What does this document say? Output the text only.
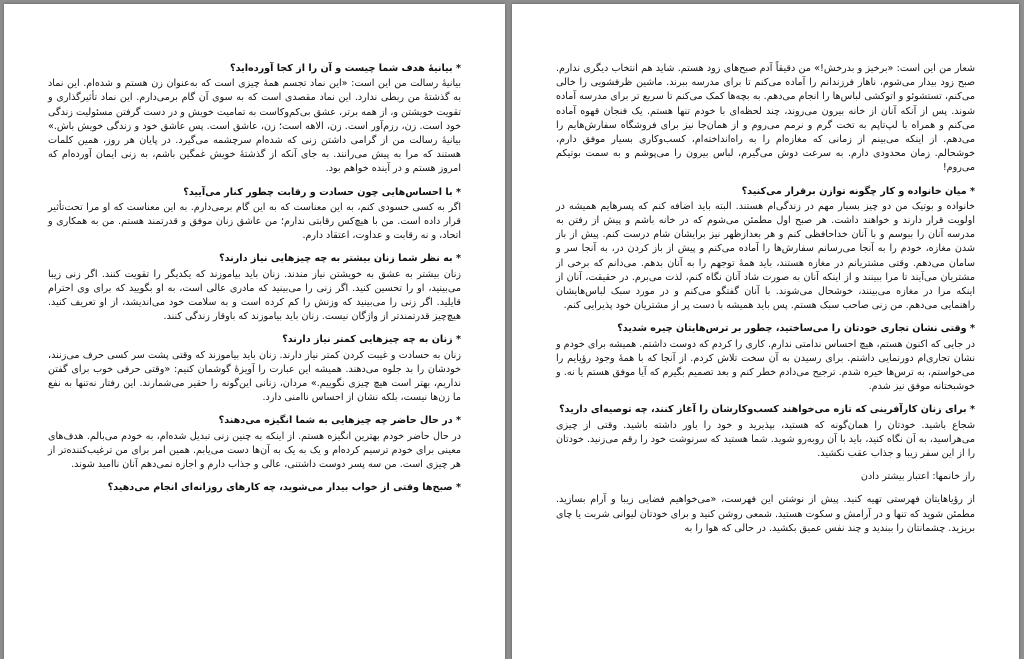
* بیانیۀ هدف شما چیست و آن را از کجا آورده‌اید؟

بیانیۀ رسالت من این است: «این نماد تجسم همۀ چیزی است که به‌عنوان زن هستم و شده‌ام. این نماد به گذشتۀ من ربطی ندارد. این نماد مقصدی است که به سوی آن گام برمی‌دارم. این نماد تأثیرگذاری و تقویت خویشتن و، از همه برتر، عشق بی‌کم‌وکاست به تمامیت خویش و در دست گرفتن مسئولیت زندگی خود است. زن، رزم‌آور است. زن، الاهه است؛ زن، عاشق است. پس عاشق خود و زندگی خویش باش.» بیانیۀ رسالت من از گرامی داشتن زنی که شده‌ام سرچشمه می‌گیرد. در پایان هر روز، همین کلمات هستند که مرا به پیش می‌رانند. به جای آنکه از گذشتۀ خویش غمگین باشم، به زنی ایمان آورده‌ام که امروز هستم و در آینده خواهم بود.

* با احساس‌هایی چون حسادت و رقابت چطور کنار می‌آیید؟

اگر به کسی حسودی کنم، به این معناست که به این گام برمی‌دارم. به این معناست که او مرا تحت‌تأثیر قرار داده است. من با هیچ‌کس رقابتی ندارم؛ من عاشق زنان موفق و قدرتمند هستم. من به همکاری و اتحاد، و نه رقابت و عداوت، اعتقاد دارم.

* به نظر شما زنان بیشتر به چه چیزهایی نیاز دارند؟

زنان بیشتر به عشق به خویشتن نیاز مندند. زنان باید بیاموزند که یکدیگر را تقویت کنند. اگر زنی زیبا می‌بینید، او را تحسین کنید. اگر زنی را می‌بینید که مادری عالی است، به او بگویید که برای وی احترام قایلید. اگر زنی را می‌بینید که وزنش را کم کرده است و به سلامت خود می‌اندیشد، از او تعریف کنید. هیچ‌چیز قدرتمندتر از واژگان نیست. زنان باید بیاموزند که باوقار زندگی کنند.

* زنان به چه چیزهایی کمتر نیاز دارند؟

زنان به حسادت و غیبت کردن کمتر نیاز دارند. زنان باید بیاموزند که وقتی پشت سر کسی حرف می‌زنند، خودشان را بد جلوه می‌دهند. همیشه این عبارت را آویزۀ گوشمان کنیم: «وقتی حرفی خوب برای گفتن نداریم، بهتر است هیچ چیزی نگوییم.» مردان، زنانی این‌گونه را حقیر می‌شمارند. این رفتار نه‌تنها به نفع ما زن‌ها نیست، بلکه نشان از احساس ناامنی دارد.

* در حال حاضر چه چیزهایی به شما انگیزه می‌دهند؟

در حال حاضر خودم بهترین انگیزه هستم. از اینکه به چنین زنی تبدیل شده‌ام، به خودم می‌بالم. هدف‌های معینی برای خودم ترسیم کرده‌ام و یک به یک به آن‌ها دست می‌یابم. همین امر برای من ترغیب‌کننده‌تر از هر چیزی است. من سه پسر دوست داشتنی، عالی و جذاب دارم و اجازه نمی‌دهم آنان ناامید شوند.

* صبح‌ها وقتی از خواب بیدار می‌شوید، چه کارهای روزانه‌ای انجام می‌دهید؟

شعار من این است: «برخیز و بدرخش!» من دقیقاً آدم صبح‌های زود هستم. شاید هم انتخاب دیگری ندارم. صبح زود بیدار می‌شوم، ناهار فرزندانم را آماده می‌کنم تا برای مدرسه ببرند. ماشین ظرفشویی را خالی می‌کنم، تستشوئو و اتوکشی لباس‌ها را انجام می‌دهم. به بچه‌ها کمک می‌کنم تا سریع تر برای مدرسه آماده شوند. پس از آنکه آنان از خانه بیرون می‌روند، چند لحظه‌ای با خودم تنها هستم. یک فنجان قهوه آماده می‌کنم و همراه با لپ‌تاپم به تخت گرم و نرمم می‌روم و از همان‌جا نیز برای فروشگاه سفارش‌هایم را می‌دهم. از اینکه می‌بینم از زمانی که مغازه‌ام را به راه‌انداخته‌ام، کسب‌وکاری بسیار موفق دارم، خوشحالم. زمان محدودی دارم. به سرعت دوش می‌گیرم، لباس بیرون را می‌پوشم و به سمت بوتیکم می‌روم!

* میان خانواده و کار چگونه توازن برقرار می‌کنید؟

خانواده و بوتیک من دو چیز بسیار مهم در زندگی‌ام هستند. البته باید اضافه کنم که پسرهایم همیشه در اولویت قرار دارند و خواهند داشت. هر صبح اول مطمئن می‌شوم که در خانه باشم و پیش از رفتن به مدرسه آنان را ببوسم و با آنان خداحافظی کنم و هر بعدازظهر نیز برایشان شام درست کنم. پیش از باز شدن مغازه، خودم را به آنجا می‌رسانم سفارش‌ها را آماده می‌کنم و پیش از باز کردن در، به آنجا سر و سامان می‌دهم. وقتی مشتریانم در مغازه هستند، باید همۀ توجهم را به آنان بدهم. می‌دانم که برخی از مشتریان می‌آیند تا مرا ببینند و از اینکه آنان به صورت شاد آنان نگاه کنم، لذت می‌برم. در حقیقت، آنان از اینکه مرا در مغازه می‌بینند، خوشحال می‌شوند. با آنان گفتگو می‌کنم و در مورد سبک لباس‌هایشان راهنمایی می‌دهم. من زنی صاحب سبک هستم. پس باید همیشه با دست پر از مشتریان خود پذیرایی کنم.

* وقتی نشان تجاری خودتان را می‌ساختید، چطور بر ترس‌هایتان چیره شدید؟

در جایی که اکنون هستم، هیچ احساس ندامتی ندارم. کاری را کردم که دوست داشتم. همیشه برای خودم و نشان تجاری‌ام دورنمایی داشتم. برای رسیدن به آن سخت تلاش کردم. از آنجا که با همۀ وجود رؤیایم را می‌خواستم، به ترس‌ها خیره شدم. ترجیح می‌دادم خطر کنم و بعد تصمیم بگیرم که آیا موفق هستم یا نه. و خوشبختانه موفق نیز شدم.

* برای زنان کارآفرینی که تازه می‌خواهند کسب‌وکارشان را آغاز کنند، چه توصیه‌ای دارید؟

شجاع باشید. خودتان را همان‌گونه که هستید، بپذیرید و خود را باور داشته باشید. وقتی از چیزی می‌هراسید، به آن نگاه کنید، باید با آن روبه‌رو شوید. شما هستید که سرنوشت خود را رقم می‌زنید. خودتان را از این سفر زیبا و جذاب عقب نکشید.

راز خانمها: اعتبار بیشتر دادن

از رؤیاهایتان فهرستی تهیه کنید. پیش از نوشتن این فهرست، «می‌خواهیم فضایی زیبا و آرام بسازید. مطمئن شوید که تنها و در آرامش و سکوت هستید. شمعی روشن کنید و برای خودتان لیوانی شربت یا چای بریزید. چشمانتان را ببندید و چند نفس عمیق بکشید. در حالی که هوا را به
